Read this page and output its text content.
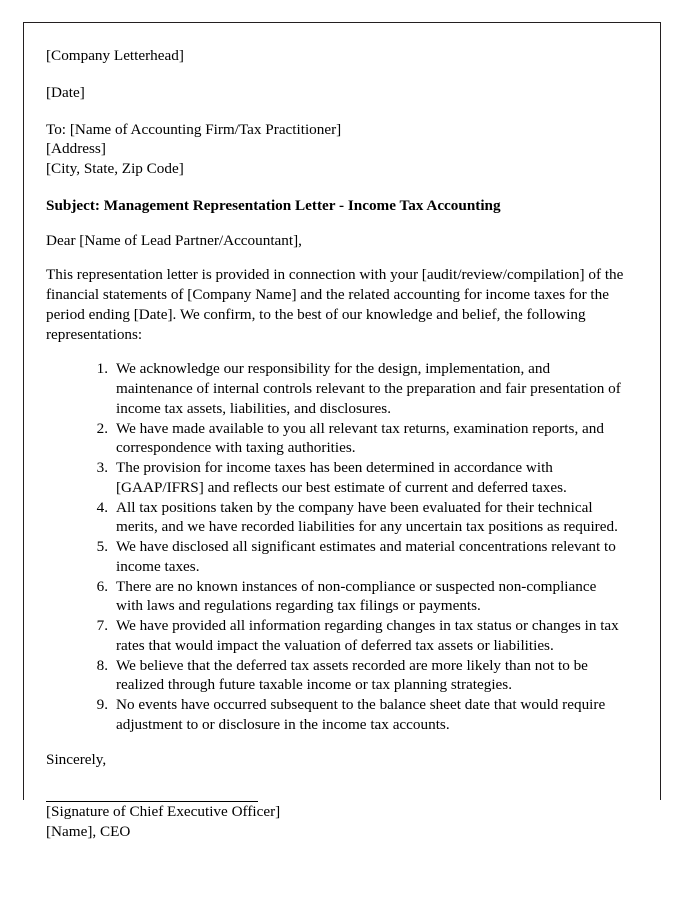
[Company Letterhead]

[Date]

To: [Name of Accounting Firm/Tax Practitioner]

[Address]

[City, State, Zip Code]

Subject: Management Representation Letter - Income Tax Accounting

Dear [Name of Lead Partner/Accountant],

This representation letter is provided in connection with your [audit/review/compilation] of the financial statements of [Company Name] and the related accounting for income taxes for the period ending [Date]. We confirm, to the best of our knowledge and belief, the following representations:

We acknowledge our responsibility for the design, implementation, and maintenance of internal controls relevant to the preparation and fair presentation of income tax assets, liabilities, and disclosures.
We have made available to you all relevant tax returns, examination reports, and correspondence with taxing authorities.
The provision for income taxes has been determined in accordance with [GAAP/IFRS] and reflects our best estimate of current and deferred taxes.
All tax positions taken by the company have been evaluated for their technical merits, and we have recorded liabilities for any uncertain tax positions as required.
We have disclosed all significant estimates and material concentrations relevant to income taxes.
There are no known instances of non-compliance or suspected non-compliance with laws and regulations regarding tax filings or payments.
We have provided all information regarding changes in tax status or changes in tax rates that would impact the valuation of deferred tax assets or liabilities.
We believe that the deferred tax assets recorded are more likely than not to be realized through future taxable income or tax planning strategies.
No events have occurred subsequent to the balance sheet date that would require adjustment to or disclosure in the income tax accounts.

Sincerely,

[Signature of Chief Executive Officer]

[Name], CEO
